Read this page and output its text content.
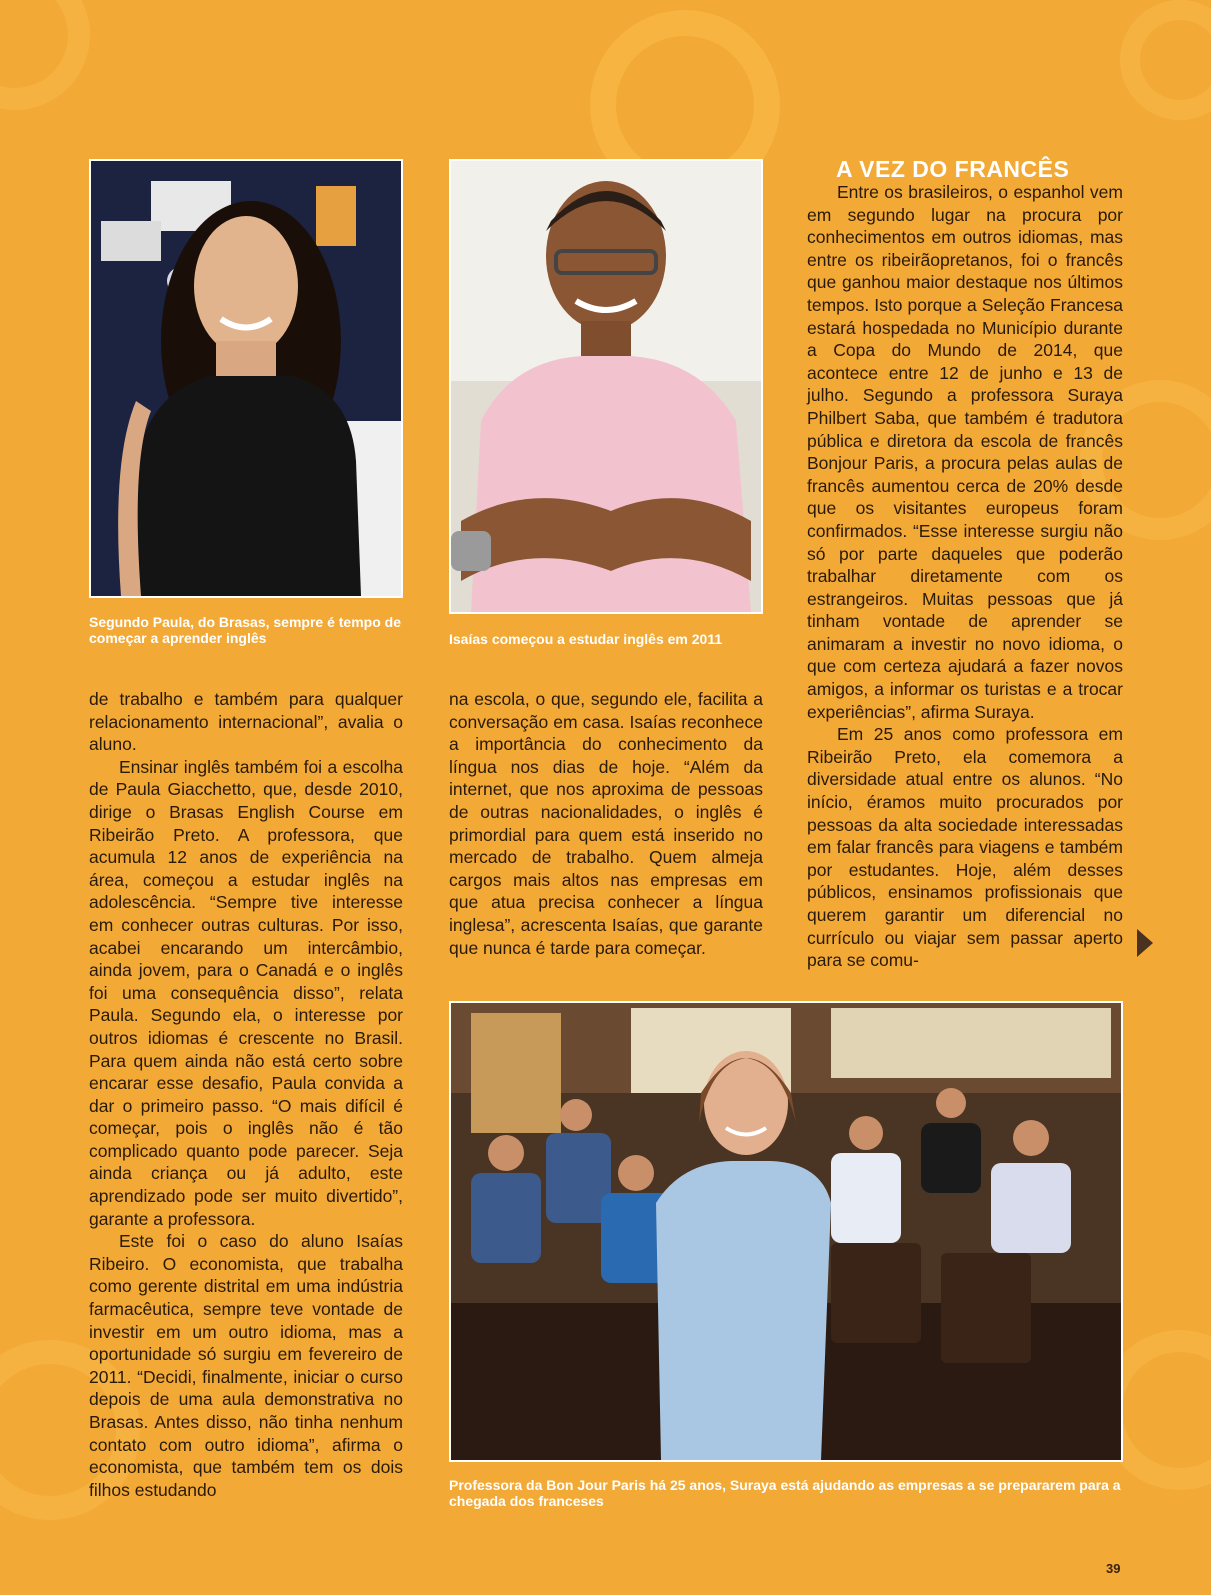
Segundo Paula, do Brasas, sempre é tempo de começar a aprender inglês	Isaías começou a estudar inglês em 2011
A VEZ DO FRANCÊS

Entre os brasileiros, o espanhol vem em segundo lugar na procura por conhecimentos em outros idiomas, mas entre os ribeirãopretanos, foi o francês que ganhou maior destaque nos últimos tempos. Isto porque a Seleção Francesa estará hospedada no Município durante a Copa do Mundo de 2014, que acontece entre 12 de junho e 13 de julho. Segundo a professora Suraya Philbert Saba, que também é tradutora pública e diretora da escola de francês Bonjour Paris, a procura pelas aulas de francês aumentou cerca de 20% desde que os visitantes europeus foram confirmados. “Esse interesse surgiu não só por parte daqueles que poderão trabalhar diretamente com os estrangeiros. Muitas pessoas que já tinham vontade de aprender se animaram a investir no novo idioma, o que com certeza ajudará a fazer novos amigos, a informar os turistas e a trocar experiências”, afirma Suraya.

Em 25 anos como professora em Ribeirão Preto, ela comemora a diversidade atual entre os alunos. “No início, éramos muito procurados por pessoas da alta sociedade interessadas em falar francês para viagens e também por estudantes. Hoje, além desses públicos, ensinamos profissionais que querem garantir um diferencial no currículo ou viajar sem passar aperto para se comu-

de trabalho e também para qualquer relacionamento internacional”, avalia o aluno.

Ensinar inglês também foi a escolha de Paula Giacchetto, que, desde 2010, dirige o Brasas English Course em Ribeirão Preto. A professora, que acumula 12 anos de experiência na área, começou a estudar inglês na adolescência. “Sempre tive interesse em conhecer outras culturas. Por isso, acabei encarando um intercâmbio, ainda jovem, para o Canadá e o inglês foi uma consequência disso”, relata Paula. Segundo ela, o interesse por outros idiomas é crescente no Brasil. Para quem ainda não está certo sobre encarar esse desafio, Paula convida a dar o primeiro passo. “O mais difícil é começar, pois o inglês não é tão complicado quanto pode parecer. Seja ainda criança ou já adulto, este aprendizado pode ser muito divertido”, garante a professora.

Este foi o caso do aluno Isaías Ribeiro. O economista, que trabalha como gerente distrital em uma indústria farmacêutica, sempre teve vontade de investir em um outro idioma, mas a oportunidade só surgiu em fevereiro de 2011. “Decidi, finalmente, iniciar o curso depois de uma aula demonstrativa no Brasas. Antes disso, não tinha nenhum contato com outro idioma”, afirma o economista, que também tem os dois filhos estudando

na escola, o que, segundo ele, facilita a conversação em casa. Isaías reconhece a importância do conhecimento da língua nos dias de hoje. “Além da internet, que nos aproxima de pessoas de outras nacionalidades, o inglês é primordial para quem está inserido no mercado de trabalho. Quem almeja cargos mais altos nas empresas em que atua precisa conhecer a língua inglesa”, acrescenta Isaías, que garante que nunca é tarde para começar.

Professora da Bon Jour Paris há 25 anos, Suraya está ajudando as empresas a se prepararem para a chegada dos franceses
39
